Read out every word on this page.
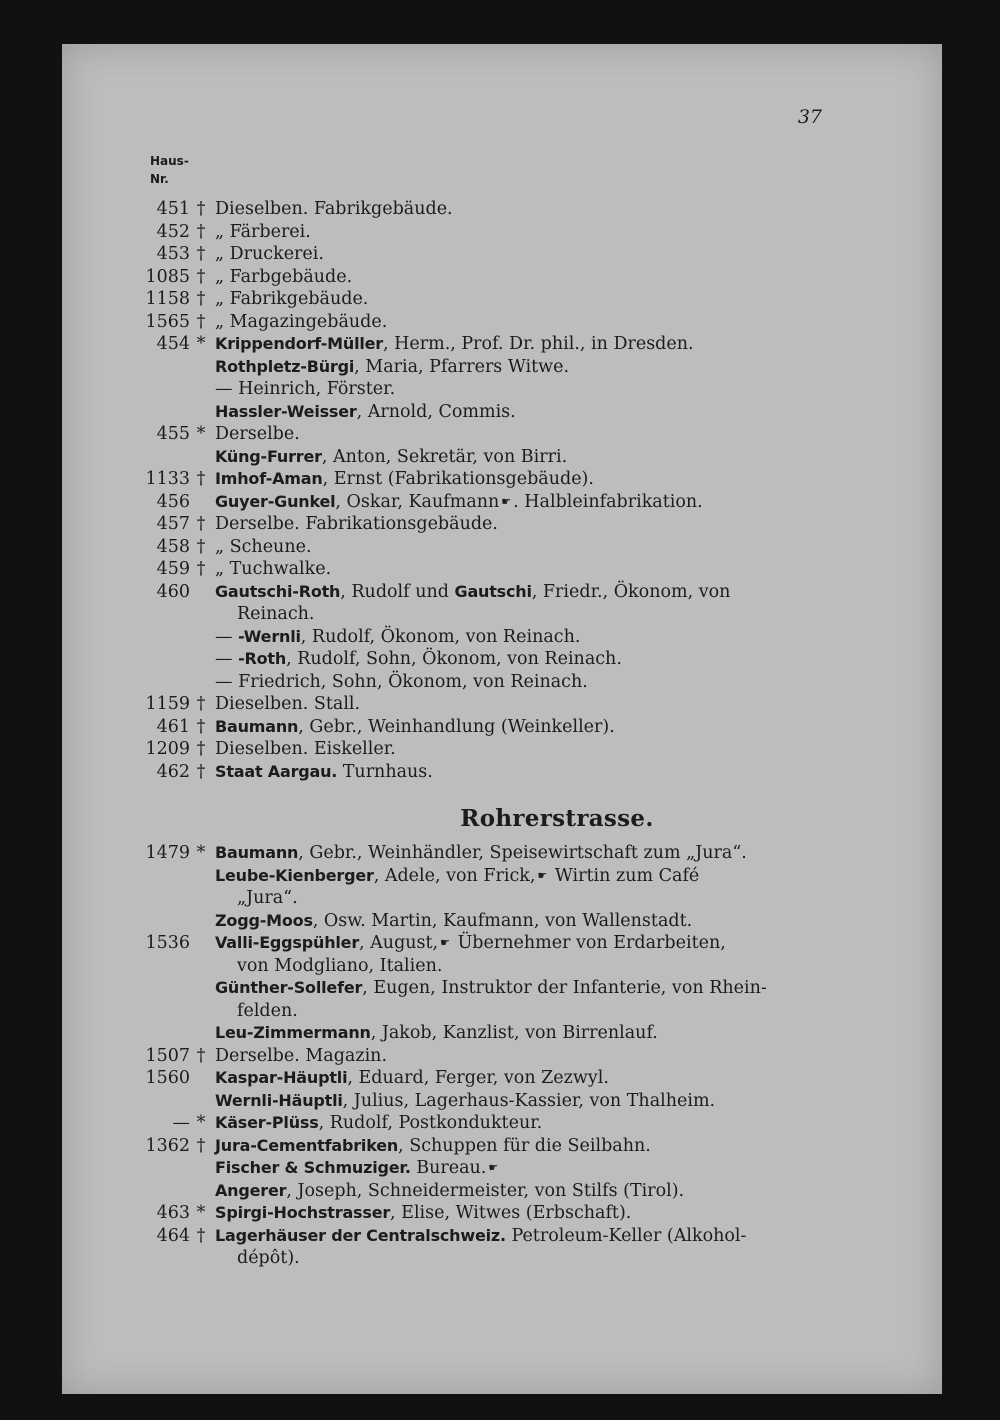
37
Haus-
Nr.
451 † Dieselben. Fabrikgebäude.
452 † „ Färberei.
453 † „ Druckerei.
1085 † „ Farbgebäude.
1158 † „ Fabrikgebäude.
1565 † „ Magazingebäude.
454 * Krippendorf-Müller, Herm., Prof. Dr. phil., in Dresden.
Rothpletz-Bürgi, Maria, Pfarrers Witwe.
— Heinrich, Förster.
Hassler-Weisser, Arnold, Commis.
455 * Derselbe.
Küng-Furrer, Anton, Sekretär, von Birri.
1133 † Imhof-Aman, Ernst (Fabrikationsgebäude).
456 Guyer-Gunkel, Oskar, Kaufmann ☛ . Halbleinfabrikation.
457 † Derselbe. Fabrikationsgebäude.
458 † „ Scheune.
459 † „ Tuchwalke.
460 Gautschi-Roth, Rudolf und Gautschi, Friedr., Ökonom, von
Reinach.
— -Wernli, Rudolf, Ökonom, von Reinach.
— -Roth, Rudolf, Sohn, Ökonom, von Reinach.
— Friedrich, Sohn, Ökonom, von Reinach.
1159 † Dieselben. Stall.
461 † Baumann, Gebr., Weinhandlung (Weinkeller).
1209 † Dieselben. Eiskeller.
462 † Staat Aargau. Turnhaus.
Rohrerstrasse.
1479 * Baumann, Gebr., Weinhändler, Speisewirtschaft zum „Jura“.
Leube-Kienberger, Adele, von Frick, ☛ Wirtin zum Café
„Jura“.
Zogg-Moos, Osw. Martin, Kaufmann, von Wallenstadt.
1536 Valli-Eggspühler, August, ☛ Übernehmer von Erdarbeiten,
von Modgliano, Italien.
Günther-Sollefer, Eugen, Instruktor der Infanterie, von Rhein-
felden.
Leu-Zimmermann, Jakob, Kanzlist, von Birrenlauf.
1507 † Derselbe. Magazin.
1560 Kaspar-Häuptli, Eduard, Ferger, von Zezwyl.
Wernli-Häuptli, Julius, Lagerhaus-Kassier, von Thalheim.
— * Käser-Plüss, Rudolf, Postkondukteur.
1362 † Jura-Cementfabriken, Schuppen für die Seilbahn.
Fischer & Schmuziger. Bureau. ☛
Angerer, Joseph, Schneidermeister, von Stilfs (Tirol).
463 * Spirgi-Hochstrasser, Elise, Witwes (Erbschaft).
464 † Lagerhäuser der Centralschweiz. Petroleum-Keller (Alkohol-
dépôt).
